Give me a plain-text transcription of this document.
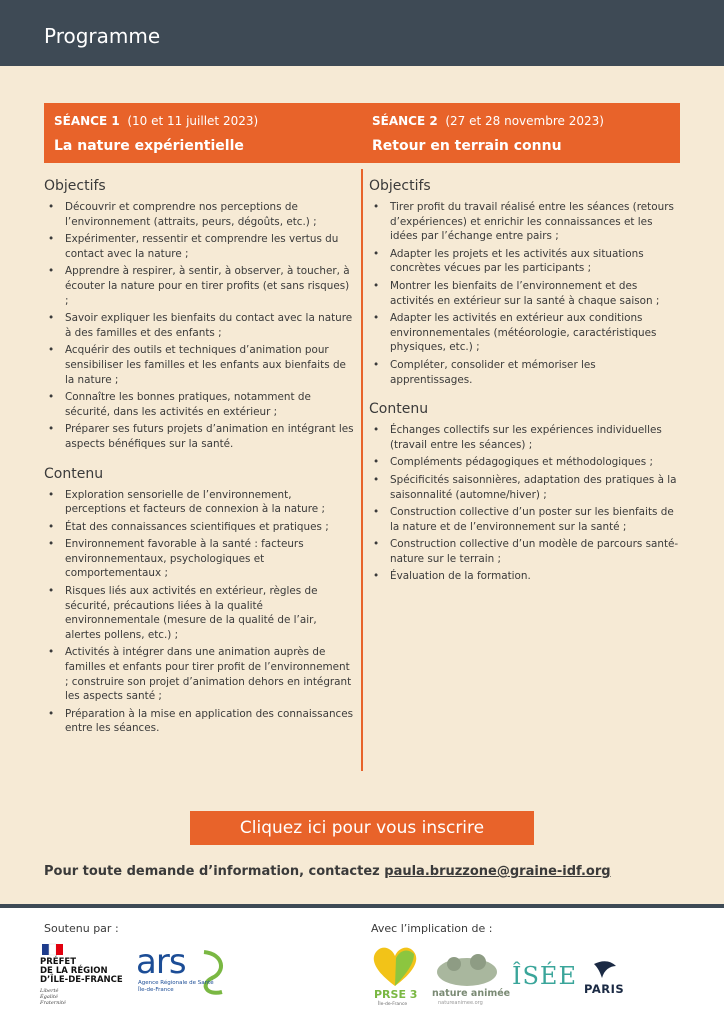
Programme
SÉANCE 1 (10 et 11 juillet 2023)
La nature expérientielle
SÉANCE 2 (27 et 28 novembre 2023)
Retour en terrain connu
Objectifs
• Découvrir et comprendre nos perceptions de l’environnement (attraits, peurs, dégoûts, etc.) ;
• Expérimenter, ressentir et comprendre les vertus du contact avec la nature ;
• Apprendre à respirer, à sentir, à observer, à toucher, à écouter la nature pour en tirer profits (et sans risques) ;
• Savoir expliquer les bienfaits du contact avec la nature à des familles et des enfants ;
• Acquérir des outils et techniques d’animation pour sensibiliser les familles et les enfants aux bienfaits de la nature ;
• Connaître les bonnes pratiques, notamment de sécurité, dans les activités en extérieur ;
• Préparer ses futurs projets d’animation en intégrant les aspects bénéfiques sur la santé.
Contenu
• Exploration sensorielle de l’environnement, perceptions et facteurs de connexion à la nature ;
• État des connaissances scientifiques et pratiques ;
• Environnement favorable à la santé : facteurs environnementaux, psychologiques et comportementaux ;
• Risques liés aux activités en extérieur, règles de sécurité, précautions liées à la qualité environnementale (mesure de la qualité de l’air, alertes pollens, etc.) ;
• Activités à intégrer dans une animation auprès de familles et enfants pour tirer profit de l’environnement ; construire son projet d’animation dehors en intégrant les aspects santé ;
• Préparation à la mise en application des connaissances entre les séances.
Objectifs
• Tirer profit du travail réalisé entre les séances (retours d’expériences) et enrichir les connaissances et les idées par l’échange entre pairs ;
• Adapter les projets et les activités aux situations concrètes vécues par les participants ;
• Montrer les bienfaits de l’environnement et des activités en extérieur sur la santé à chaque saison ;
• Adapter les activités en extérieur aux conditions environnementales (météorologie, caractéristiques physiques, etc.) ;
• Compléter, consolider et mémoriser les apprentissages.
Contenu
• Échanges collectifs sur les expériences individuelles (travail entre les séances) ;
• Compléments pédagogiques et méthodologiques ;
• Spécificités saisonnières, adaptation des pratiques à la saisonnalité (automne/hiver) ;
• Construction collective d’un poster sur les bienfaits de la nature et de l’environnement sur la santé ;
• Construction collective d’un modèle de parcours santé-nature sur le terrain ;
• Évaluation de la formation.
Cliquez ici pour vous inscrire
Pour toute demande d’information, contactez paula.bruzzone@graine-idf.org
Soutenu par :	Avec l’implication de :
PRÉFET
DE LA RÉGION
D’ÎLE-DE-FRANCE
Liberté
Égalité
Fraternité
ars
Agence Régionale de Santé
Île-de-France	PRSE 3
Île-de-France
nature animée
natureanimee.org
ÎSÉE PARIS
